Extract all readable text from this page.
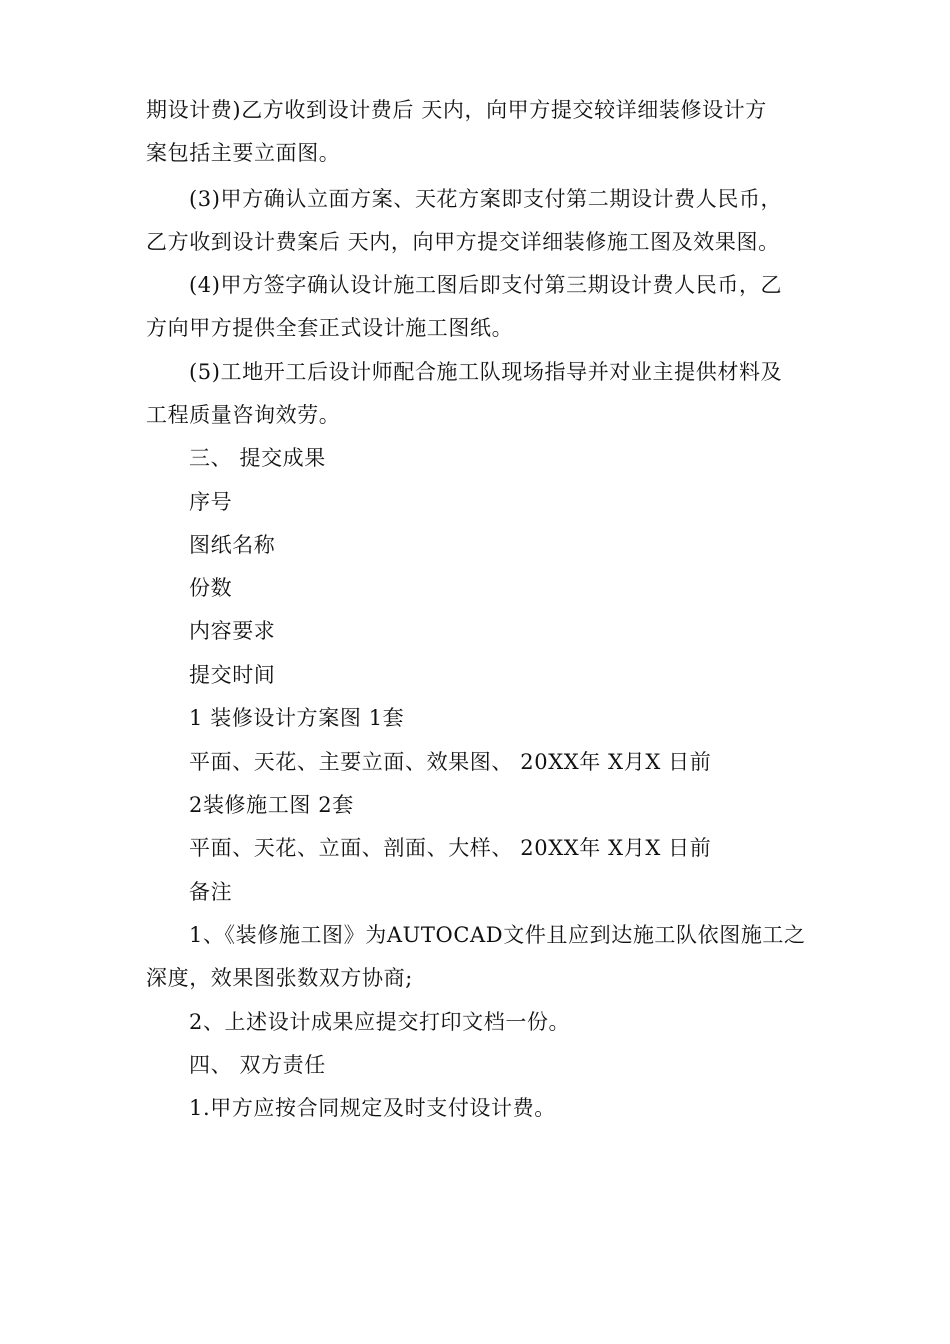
期设计费)乙方收到设计费后 天内，向甲方提交较详细装修设计方
案包括主要立面图。
(3)甲方确认立面方案、天花方案即支付第二期设计费人民币，
乙方收到设计费案后 天内，向甲方提交详细装修施工图及效果图。
(4)甲方签字确认设计施工图后即支付第三期设计费人民币，乙
方向甲方提供全套正式设计施工图纸。
(5)工地开工后设计师配合施工队现场指导并对业主提供材料及
工程质量咨询效劳。
三、 提交成果
序号
图纸名称
份数
内容要求
提交时间
1 装修设计方案图 1套
平面、天花、主要立面、效果图、 20XX年 X月X 日前
2装修施工图 2套
平面、天花、立面、剖面、大样、 20XX年 X月X 日前
备注
1、《装修施工图》为AUTOCAD文件且应到达施工队依图施工之
深度，效果图张数双方协商;
2、上述设计成果应提交打印文档一份。
四、 双方责任
1.甲方应按合同规定及时支付设计费。
